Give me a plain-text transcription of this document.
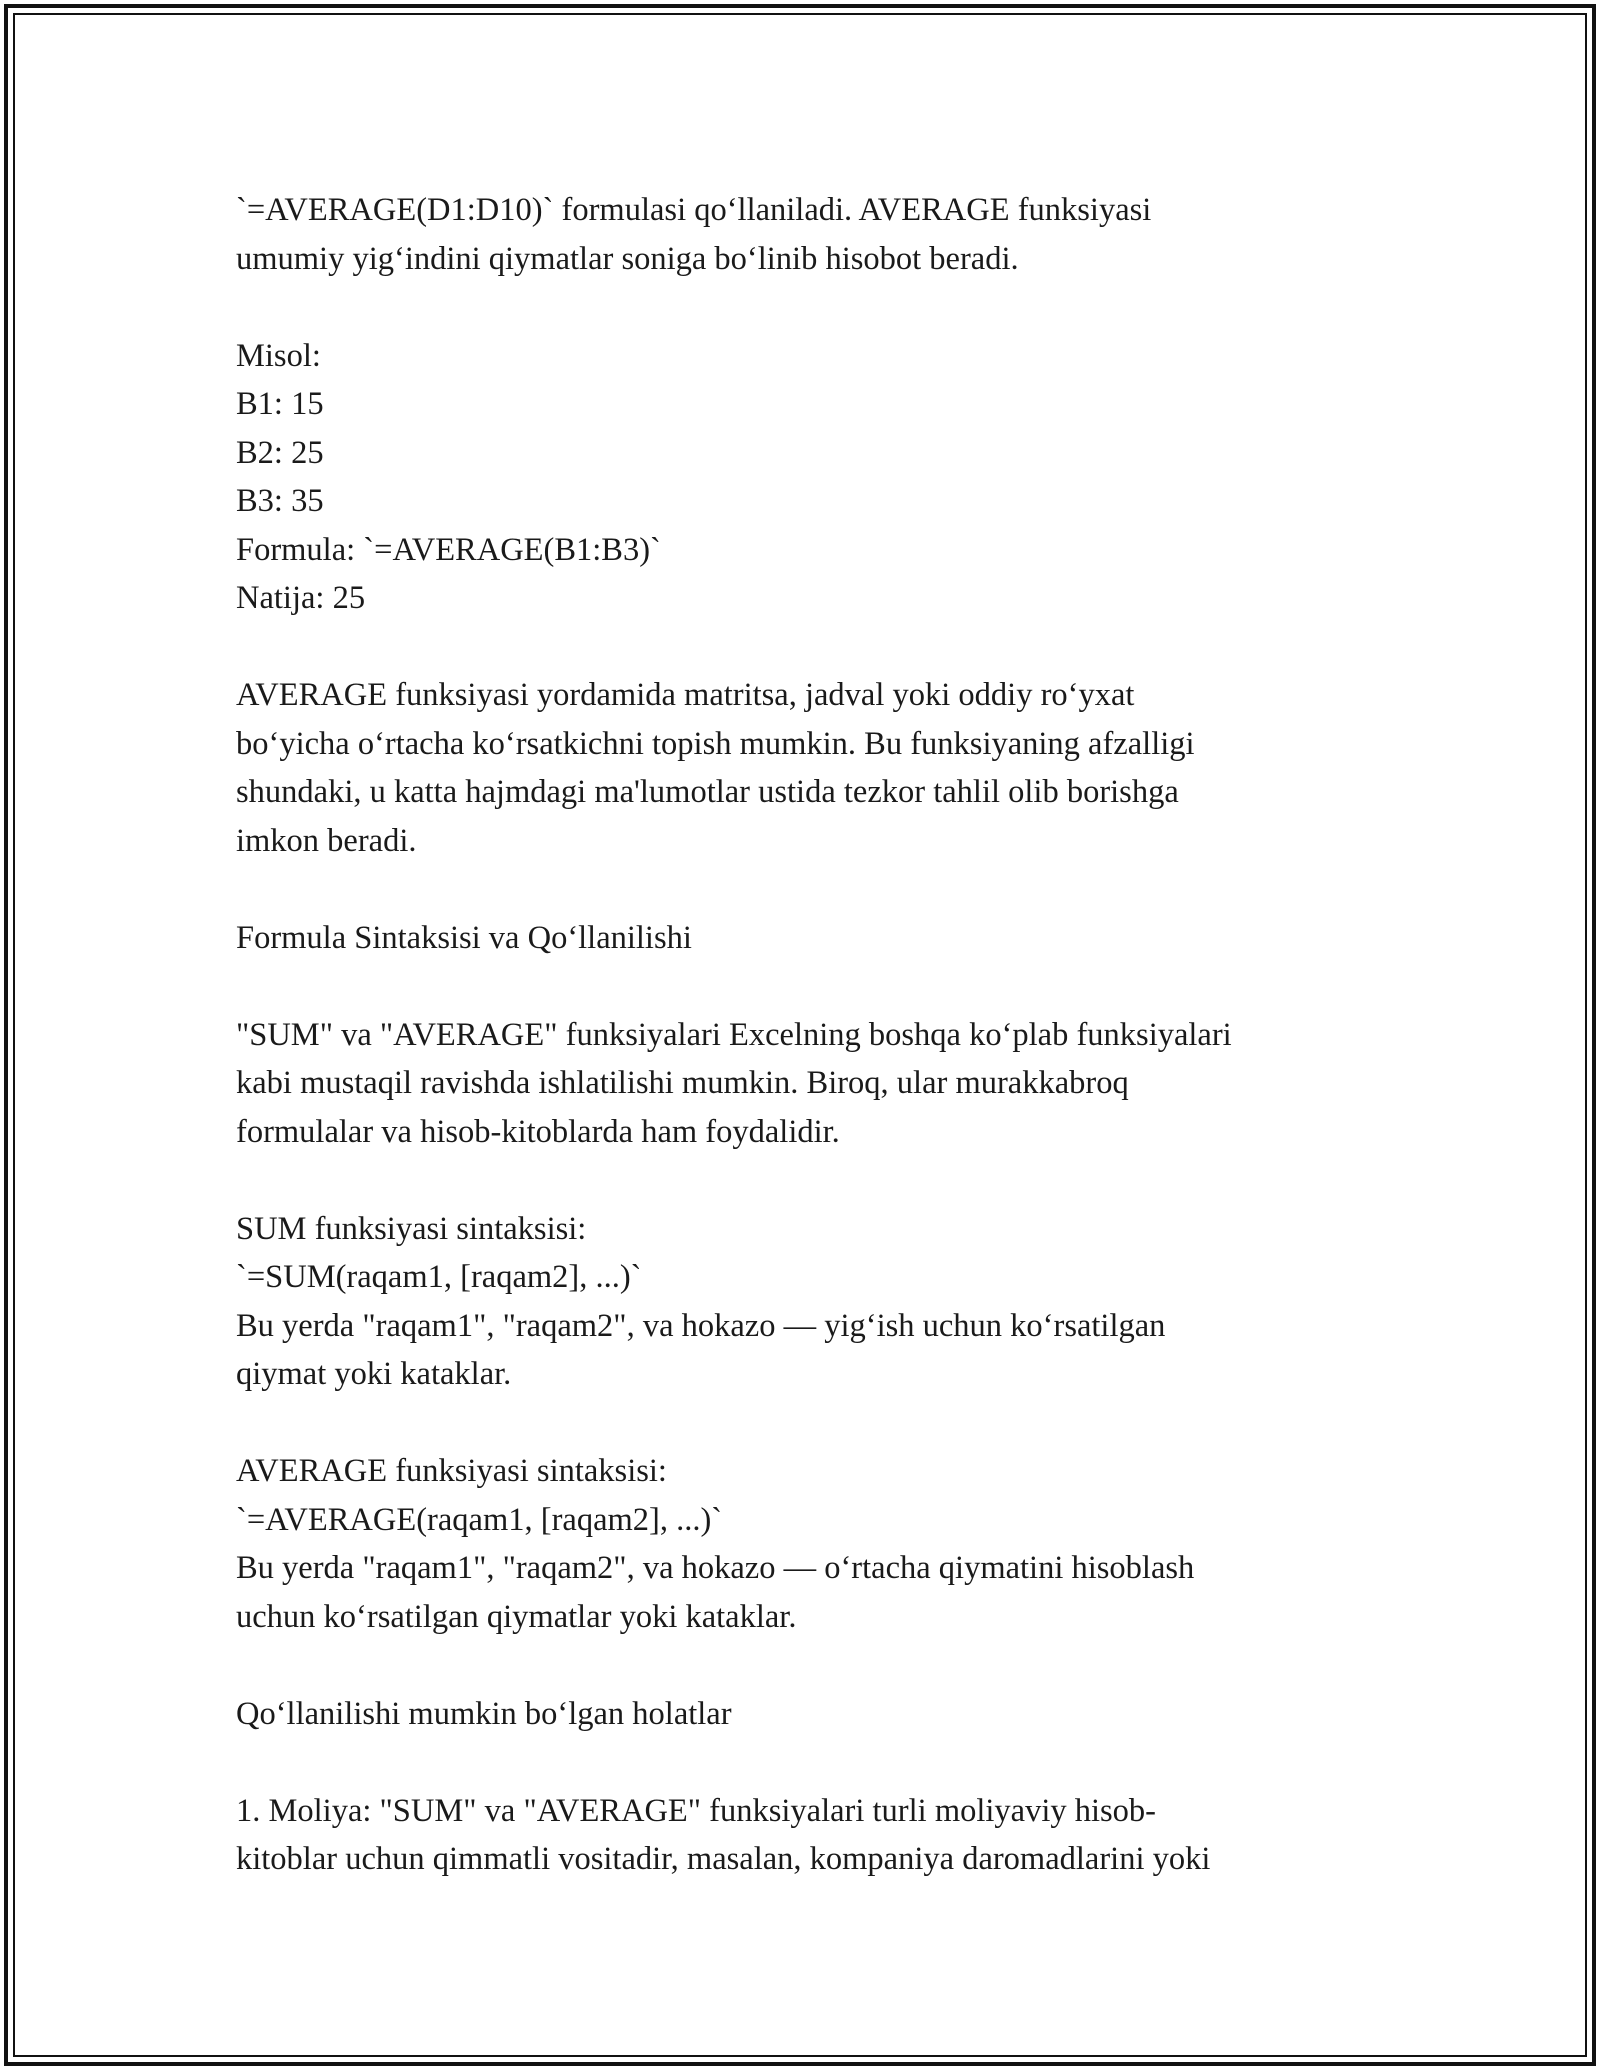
`=AVERAGE(D1:D10)` formulasi qo‘llaniladi. AVERAGE funksiyasi
umumiy yig‘indini qiymatlar soniga bo‘linib hisobot beradi.

Misol:
B1: 15
B2: 25
B3: 35
Formula: `=AVERAGE(B1:B3)`
Natija: 25

AVERAGE funksiyasi yordamida matritsa, jadval yoki oddiy ro‘yxat
bo‘yicha o‘rtacha ko‘rsatkichni topish mumkin. Bu funksiyaning afzalligi
shundaki, u katta hajmdagi ma'lumotlar ustida tezkor tahlil olib borishga
imkon beradi.

Formula Sintaksisi va Qo‘llanilishi

"SUM" va "AVERAGE" funksiyalari Excelning boshqa ko‘plab funksiyalari
kabi mustaqil ravishda ishlatilishi mumkin. Biroq, ular murakkabroq
formulalar va hisob-kitoblarda ham foydalidir.

SUM funksiyasi sintaksisi:
`=SUM(raqam1, [raqam2], ...)`
Bu yerda "raqam1", "raqam2", va hokazo — yig‘ish uchun ko‘rsatilgan
qiymat yoki kataklar.

AVERAGE funksiyasi sintaksisi:
`=AVERAGE(raqam1, [raqam2], ...)`
Bu yerda "raqam1", "raqam2", va hokazo — o‘rtacha qiymatini hisoblash
uchun ko‘rsatilgan qiymatlar yoki kataklar.

Qo‘llanilishi mumkin bo‘lgan holatlar

1. Moliya: "SUM" va "AVERAGE" funksiyalari turli moliyaviy hisob-
kitoblar uchun qimmatli vositadir, masalan, kompaniya daromadlarini yoki
